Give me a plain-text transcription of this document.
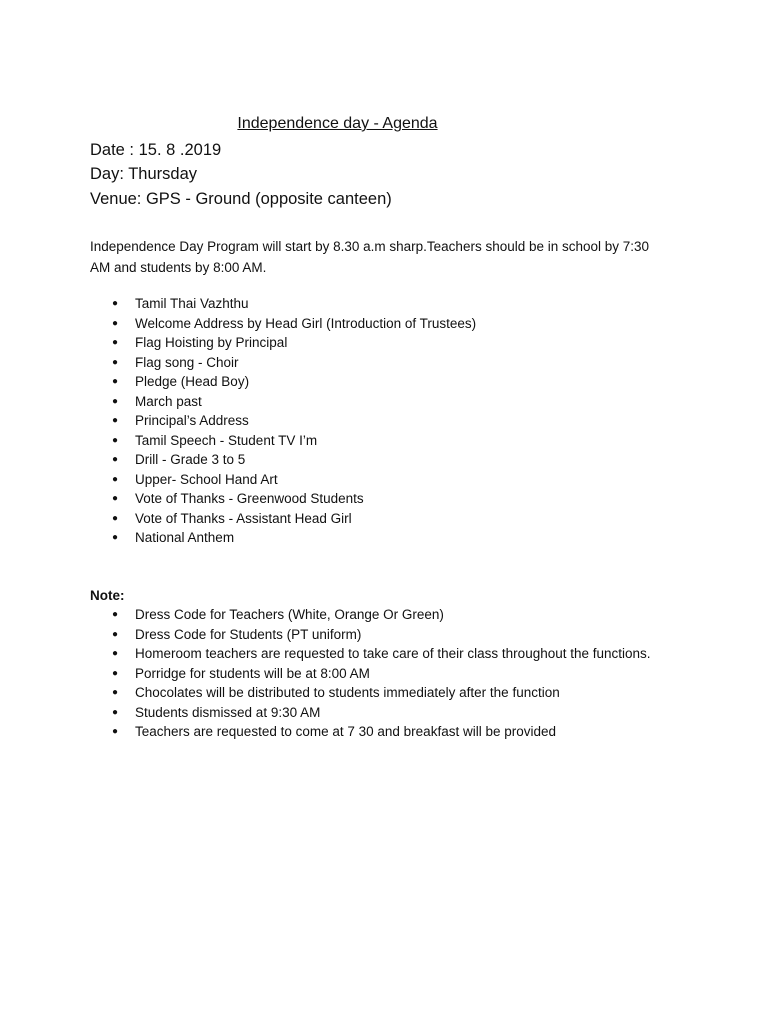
Independence day - Agenda

Date : 15. 8 .2019

Day: Thursday

Venue: GPS - Ground (opposite canteen)

Independence Day Program will start by 8.30 a.m sharp.Teachers should be in school by 7:30
AM and students by 8:00 AM.

● Tamil Thai Vazhthu
● Welcome Address by Head Girl (Introduction of Trustees)
● Flag Hoisting by Principal
● Flag song - Choir
● Pledge (Head Boy)
● March past
● Principal’s Address
● Tamil Speech - Student TV I’m
● Drill - Grade 3 to 5
● Upper- School Hand Art
● Vote of Thanks - Greenwood Students
● Vote of Thanks - Assistant Head Girl
● National Anthem

Note:

● Dress Code for Teachers (White, Orange Or Green)
● Dress Code for Students (PT uniform)
● Homeroom teachers are requested to take care of their class throughout the functions.
● Porridge for students will be at 8:00 AM
● Chocolates will be distributed to students immediately after the function
● Students dismissed at 9:30 AM
● Teachers are requested to come at 7 30 and breakfast will be provided
